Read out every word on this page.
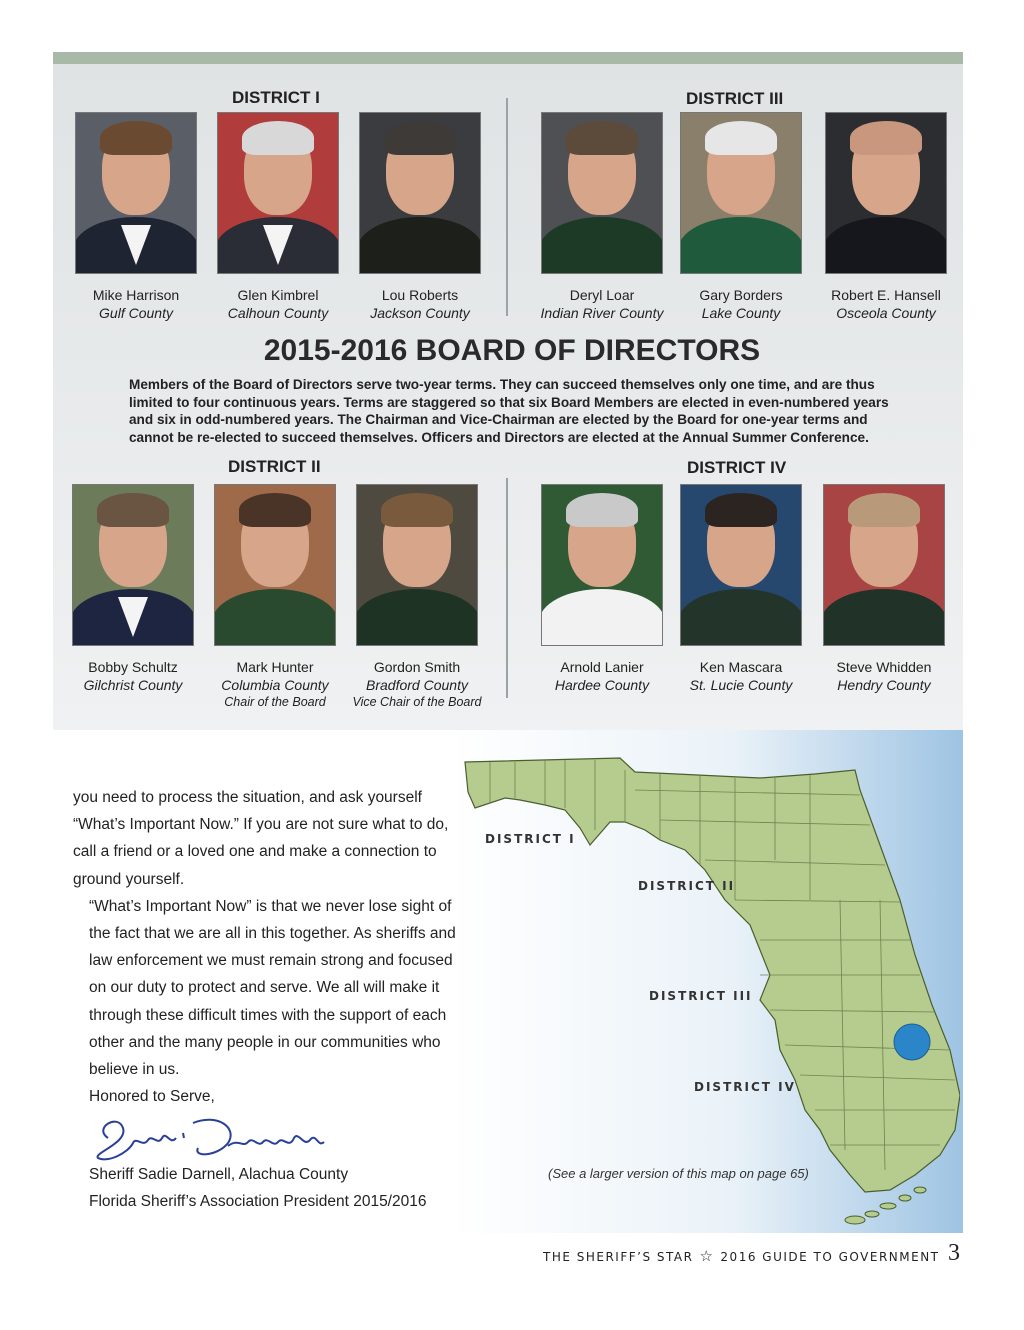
DISTRICT I	DISTRICT III
DISTRICT II	DISTRICT IV
Mike Harrison
Gulf County
Glen Kimbrel
Calhoun County
Lou Roberts
Jackson County
Deryl Loar
Indian River County
Gary Borders
Lake County
Robert E. Hansell
Osceola County
2015-2016 BOARD OF DIRECTORS
Members of the Board of Directors serve two-year terms. They can succeed themselves only one time, and are thus limited to four continuous years. Terms are staggered so that six Board Members are elected in even-numbered years and six in odd-numbered years. The Chairman and Vice-Chairman are elected by the Board for one-year terms and cannot be re-elected to succeed themselves. Officers and Directors are elected at the Annual Summer Conference.
Bobby Schultz
Gilchrist County
Mark Hunter
Columbia County
Chair of the Board
Gordon Smith
Bradford County
Vice Chair of the Board
Arnold Lanier
Hardee County
Ken Mascara
St. Lucie County
Steve Whidden
Hendry County
DISTRICT I
DISTRICT II
DISTRICT III
DISTRICT IV
(See a larger version of this map on page 65)

you need to process the situation, and ask yourself “What’s Important Now.” If you are not sure what to do, call a friend or a loved one and make a connection to ground yourself.

“What’s Important Now” is that we never lose sight of the fact that we are all in this together. As sheriffs and law enforcement we must remain strong and focused on our duty to protect and serve. We all will make it through these difficult times with the support of each other and the many people in our communities who believe in us.

Honored to Serve,

Sheriff Sadie Darnell, Alachua County
Florida Sheriff’s Association President 2015/2016
THE SHERIFF’S STAR ☆ 2016 GUIDE TO GOVERNMENT 3
